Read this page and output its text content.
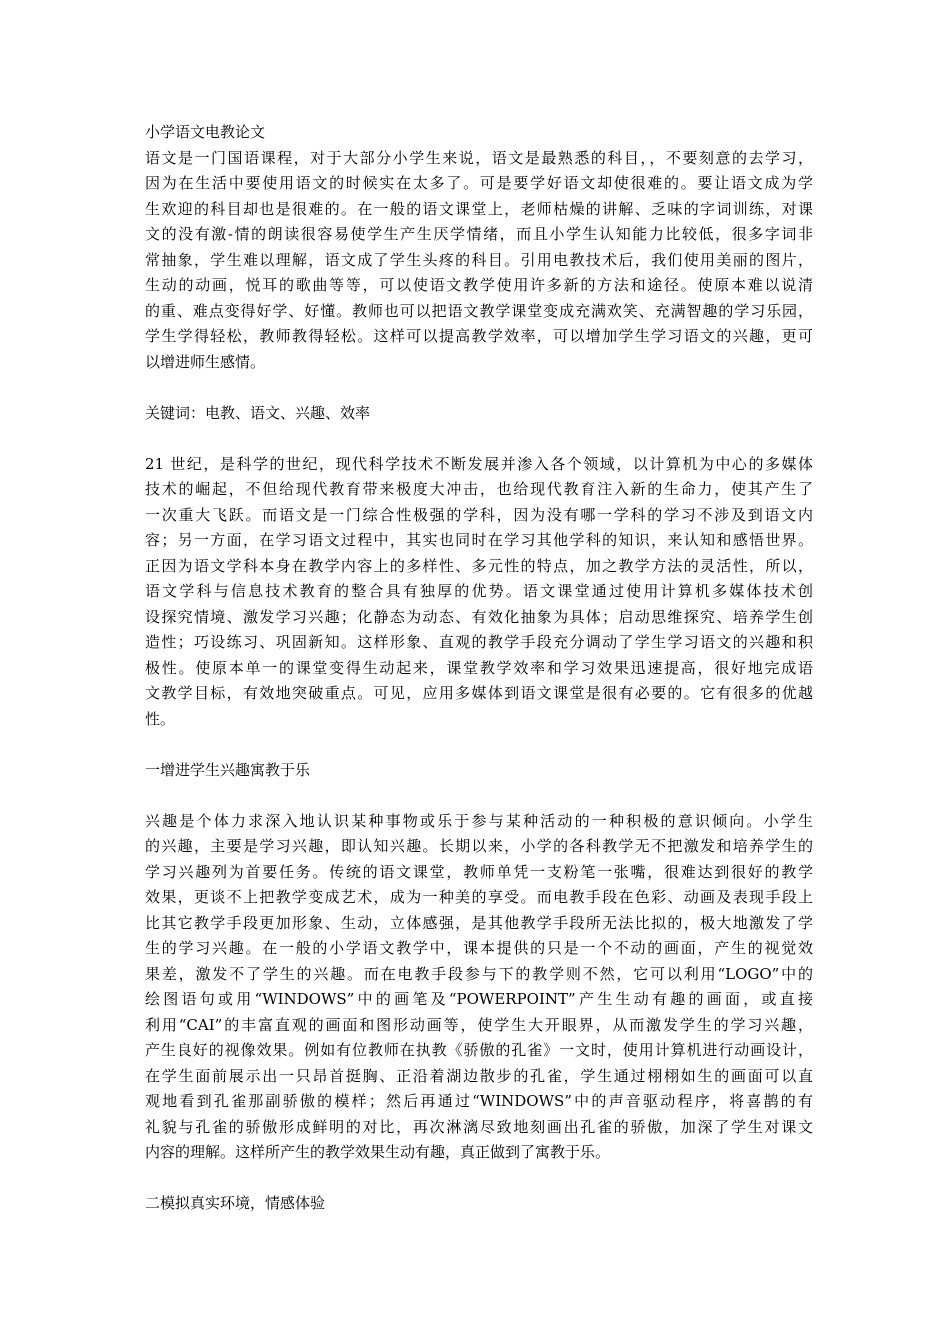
小学语文电教论文
语文是一门国语课程，对于大部分小学生来说，语文是最熟悉的科目，，不要刻意的去学习，
因为在生活中要使用语文的时候实在太多了。可是要学好语文却使很难的。要让语文成为学
生欢迎的科目却也是很难的。在一般的语文课堂上，老师枯燥的讲解、乏味的字词训练，对课
文的没有激-情的朗读很容易使学生产生厌学情绪，而且小学生认知能力比较低，很多字词非
常抽象，学生难以理解，语文成了学生头疼的科目。引用电教技术后，我们使用美丽的图片，
生动的动画，悦耳的歌曲等等，可以使语文教学使用许多新的方法和途径。使原本难以说清
的重、难点变得好学、好懂。教师也可以把语文教学课堂变成充满欢笑、充满智趣的学习乐园，
学生学得轻松，教师教得轻松。这样可以提高教学效率，可以增加学生学习语文的兴趣，更可
以增进师生感情。
关键词：电教、语文、兴趣、效率
21 世纪，是科学的世纪，现代科学技术不断发展并渗入各个领域，以计算机为中心的多媒体
技术的崛起，不但给现代教育带来极度大冲击，也给现代教育注入新的生命力，使其产生了
一次重大飞跃。而语文是一门综合性极强的学科，因为没有哪一学科的学习不涉及到语文内
容；另一方面，在学习语文过程中，其实也同时在学习其他学科的知识，来认知和感悟世界。
正因为语文学科本身在教学内容上的多样性、多元性的特点，加之教学方法的灵活性，所以，
语文学科与信息技术教育的整合具有独厚的优势。语文课堂通过使用计算机多媒体技术创
设探究情境、激发学习兴趣；化静态为动态、有效化抽象为具体；启动思维探究、培养学生创
造性；巧设练习、巩固新知。这样形象、直观的教学手段充分调动了学生学习语文的兴趣和积
极性。使原本单一的课堂变得生动起来，课堂教学效率和学习效果迅速提高，很好地完成语
文教学目标，有效地突破重点。可见，应用多媒体到语文课堂是很有必要的。它有很多的优越
性。
一增进学生兴趣寓教于乐
兴趣是个体力求深入地认识某种事物或乐于参与某种活动的一种积极的意识倾向。小学生
的兴趣，主要是学习兴趣，即认知兴趣。长期以来，小学的各科教学无不把激发和培养学生的
学习兴趣列为首要任务。传统的语文课堂，教师单凭一支粉笔一张嘴，很难达到很好的教学
效果，更谈不上把教学变成艺术，成为一种美的享受。而电教手段在色彩、动画及表现手段上
比其它教学手段更加形象、生动，立体感强，是其他教学手段所无法比拟的，极大地激发了学
生的学习兴趣。在一般的小学语文教学中，课本提供的只是一个不动的画面，产生的视觉效
果差，激发不了学生的兴趣。而在电教手段参与下的教学则不然，它可以利用“LOGO”中的
绘图语句或用“WINDOWS”中的画笔及“POWERPOINT”产生生动有趣的画面，或直接
利用“CAI”的丰富直观的画面和图形动画等，使学生大开眼界，从而激发学生的学习兴趣，
产生良好的视像效果。例如有位教师在执教《骄傲的孔雀》一文时，使用计算机进行动画设计，
在学生面前展示出一只昂首挺胸、正沿着湖边散步的孔雀，学生通过栩栩如生的画面可以直
观地看到孔雀那副骄傲的模样；然后再通过“WINDOWS”中的声音驱动程序，将喜鹊的有
礼貌与孔雀的骄傲形成鲜明的对比，再次淋漓尽致地刻画出孔雀的骄傲，加深了学生对课文
内容的理解。这样所产生的教学效果生动有趣，真正做到了寓教于乐。
二模拟真实环境，情感体验
